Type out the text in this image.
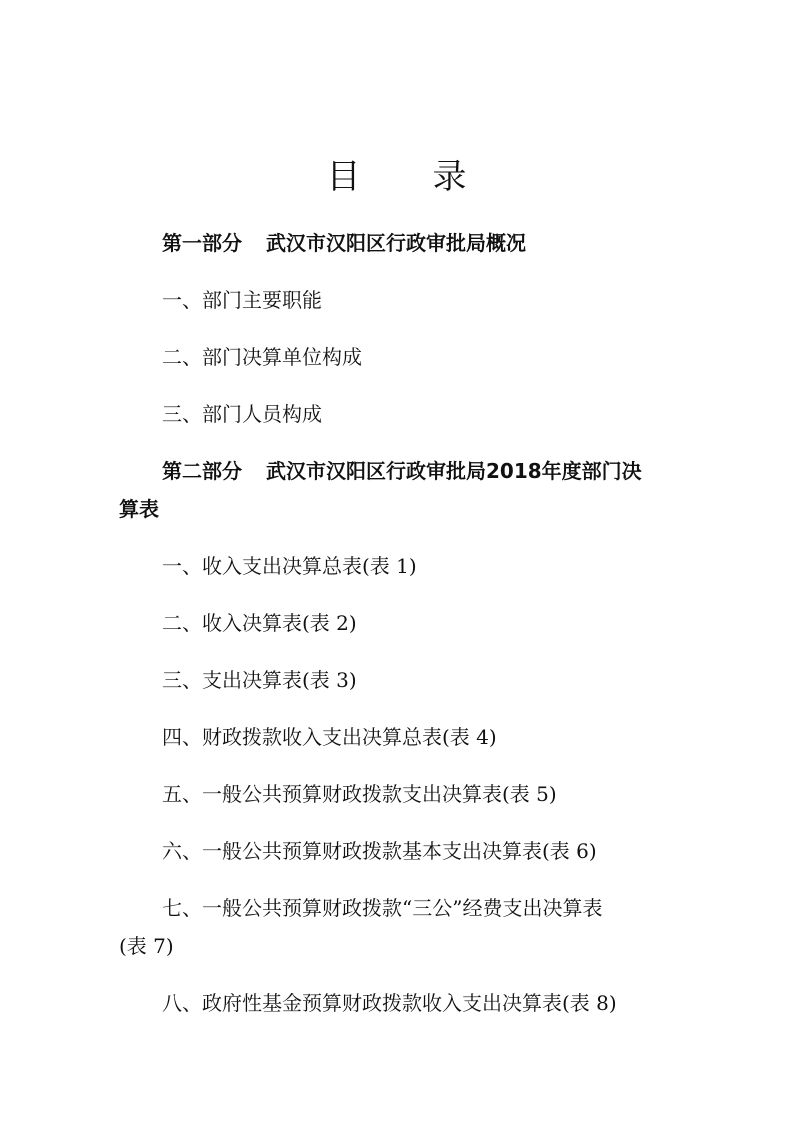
目 录
第一部分 武汉市汉阳区行政审批局概况
一、部门主要职能
二、部门决算单位构成
三、部门人员构成
第二部分 武汉市汉阳区行政审批局2018年度部门决
算表
一、收入支出决算总表(表 1)
二、收入决算表(表 2)
三、支出决算表(表 3)
四、财政拨款收入支出决算总表(表 4)
五、一般公共预算财政拨款支出决算表(表 5)
六、一般公共预算财政拨款基本支出决算表(表 6)
七、一般公共预算财政拨款“三公”经费支出决算表
(表 7)
八、政府性基金预算财政拨款收入支出决算表(表 8)
